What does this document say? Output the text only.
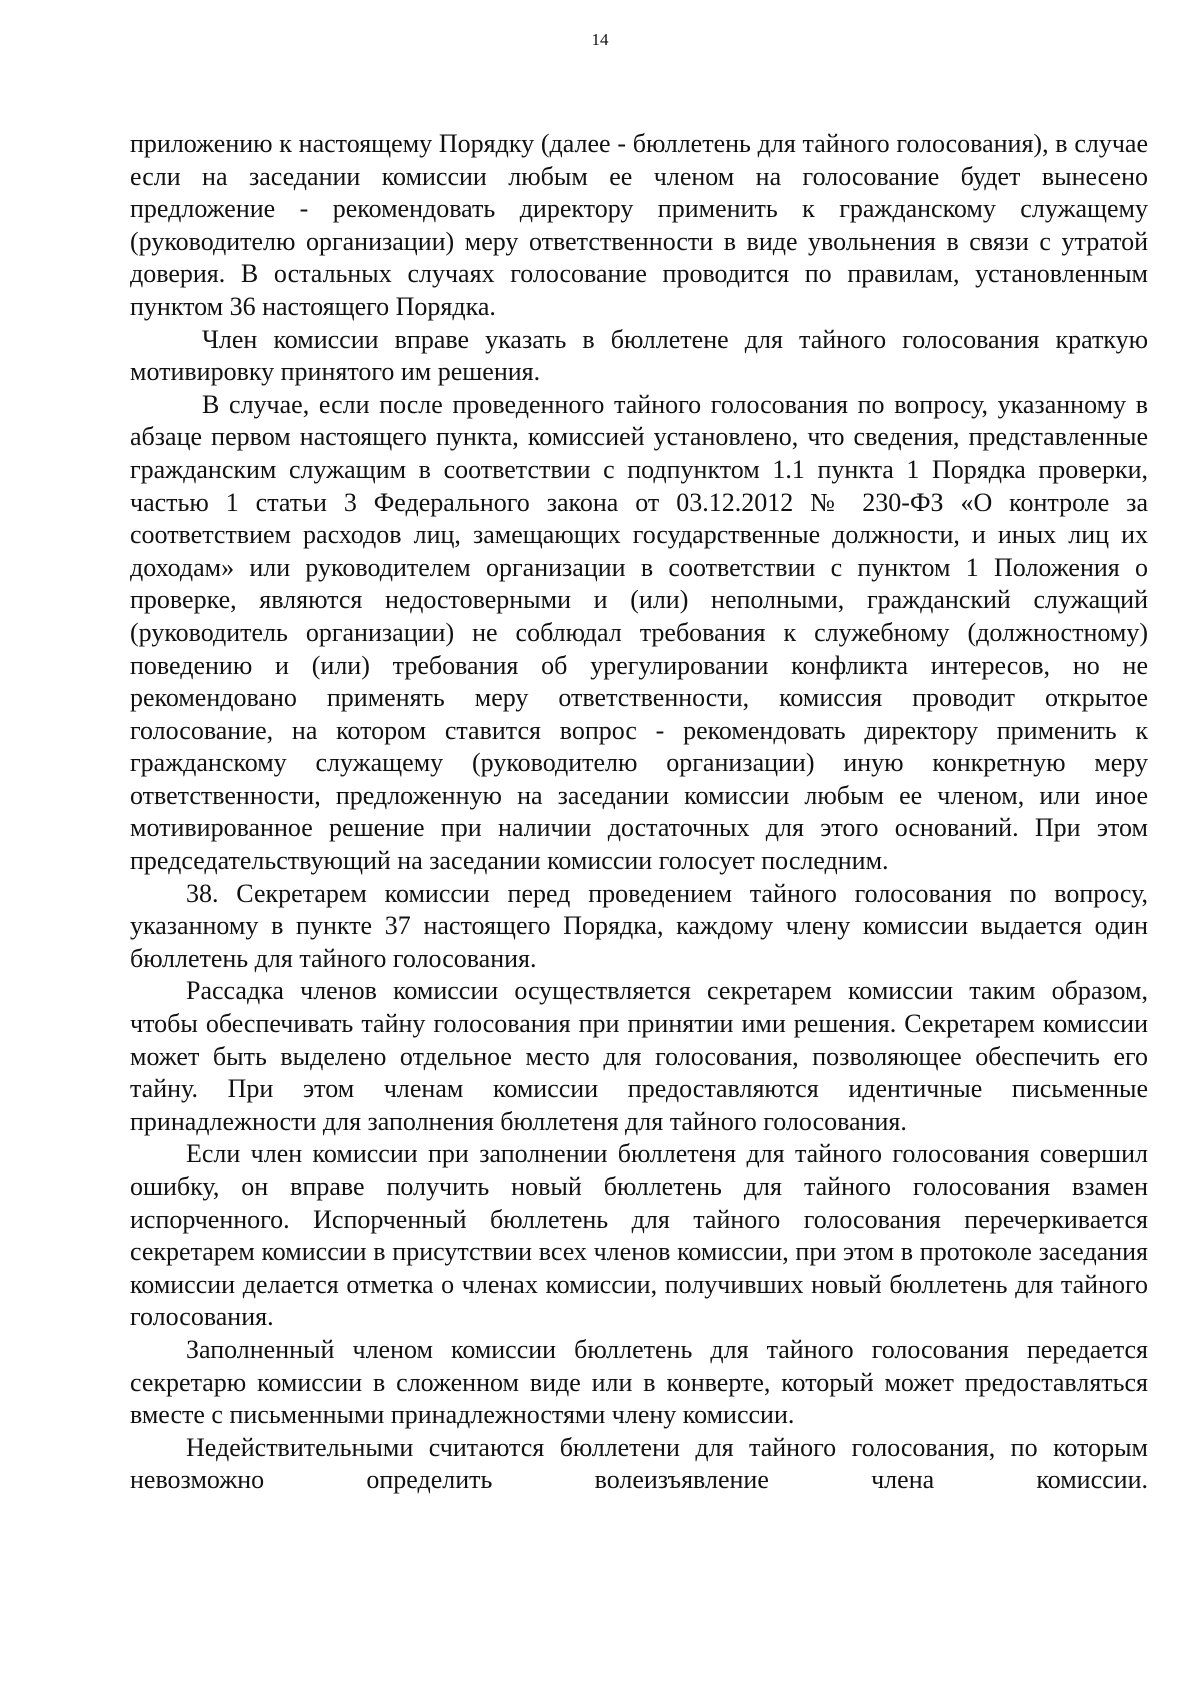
14

приложению к настоящему Порядку (далее - бюллетень для тайного голосования), в случае если на заседании комиссии любым ее членом на голосование будет вынесено предложение - рекомендовать директору применить к гражданскому служащему (руководителю организации) меру ответственности в виде увольнения в связи с утратой доверия. В остальных случаях голосование проводится по правилам, установленным пунктом 36 настоящего Порядка.

Член комиссии вправе указать в бюллетене для тайного голосования краткую мотивировку принятого им решения.

В случае, если после проведенного тайного голосования по вопросу, указанному в абзаце первом настоящего пункта, комиссией установлено, что сведения, представленные гражданским служащим в соответствии с подпунктом 1.1 пункта 1 Порядка проверки, частью 1 статьи 3 Федерального закона от 03.12.2012 № 230-ФЗ «О контроле за соответствием расходов лиц, замещающих государственные должности, и иных лиц их доходам» или руководителем организации в соответствии с пунктом 1 Положения о проверке, являются недостоверными и (или) неполными, гражданский служащий (руководитель организации) не соблюдал требования к служебному (должностному) поведению и (или) требования об урегулировании конфликта интересов, но не рекомендовано применять меру ответственности, комиссия проводит открытое голосование, на котором ставится вопрос - рекомендовать директору применить к гражданскому служащему (руководителю организации) иную конкретную меру ответственности, предложенную на заседании комиссии любым ее членом, или иное мотивированное решение при наличии достаточных для этого оснований. При этом председательствующий на заседании комиссии голосует последним.

38. Секретарем комиссии перед проведением тайного голосования по вопросу, указанному в пункте 37 настоящего Порядка, каждому члену комиссии выдается один бюллетень для тайного голосования.

Рассадка членов комиссии осуществляется секретарем комиссии таким образом, чтобы обеспечивать тайну голосования при принятии ими решения. Секретарем комиссии может быть выделено отдельное место для голосования, позволяющее обеспечить его тайну. При этом членам комиссии предоставляются идентичные письменные принадлежности для заполнения бюллетеня для тайного голосования.

Если член комиссии при заполнении бюллетеня для тайного голосования совершил ошибку, он вправе получить новый бюллетень для тайного голосования взамен испорченного. Испорченный бюллетень для тайного голосования перечеркивается секретарем комиссии в присутствии всех членов комиссии, при этом в протоколе заседания комиссии делается отметка о членах комиссии, получивших новый бюллетень для тайного голосования.

Заполненный членом комиссии бюллетень для тайного голосования передается секретарю комиссии в сложенном виде или в конверте, который может предоставляться вместе с письменными принадлежностями члену комиссии.

Недействительными считаются бюллетени для тайного голосования, по которым невозможно определить волеизъявление члена комиссии.
